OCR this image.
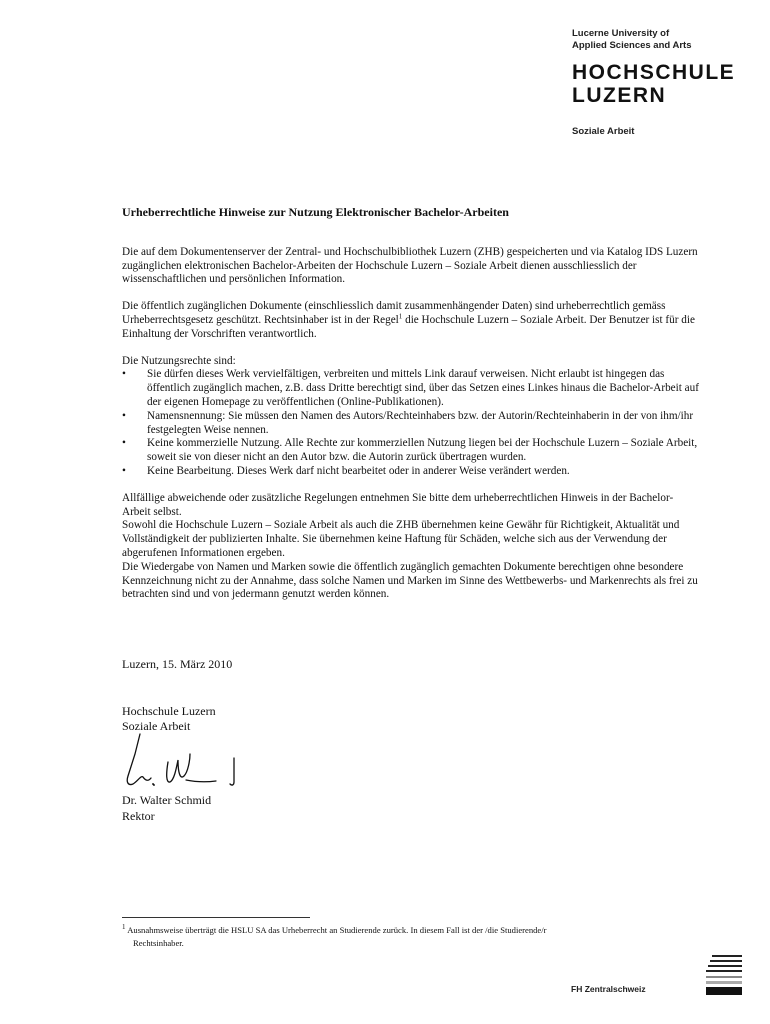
Lucerne University of
Applied Sciences and Arts
HOCHSCHULE
LUZERN
Soziale Arbeit
Urheberrechtliche Hinweise zur Nutzung Elektronischer Bachelor-Arbeiten

Die auf dem Dokumentenserver der Zentral- und Hochschulbibliothek Luzern (ZHB) gespeicherten und via Katalog IDS Luzern zugänglichen elektronischen Bachelor-Arbeiten der Hochschule Luzern – Soziale Arbeit dienen ausschliesslich der wissenschaftlichen und persönlichen Information.

Die öffentlich zugänglichen Dokumente (einschliesslich damit zusammenhängender Daten) sind urheberrechtlich gemäss Urheberrechtsgesetz geschützt. Rechtsinhaber ist in der Regel$^1$ die Hochschule Luzern – Soziale Arbeit. Der Benutzer ist für die Einhaltung der Vorschriften verantwortlich.

Die Nutzungsrechte sind:
• Sie dürfen dieses Werk vervielfältigen, verbreiten und mittels Link darauf verweisen. Nicht erlaubt ist hingegen das öffentlich zugänglich machen, z.B. dass Dritte berechtigt sind, über das Setzen eines Linkes hinaus die Bachelor-Arbeit auf der eigenen Homepage zu veröffentlichen (Online-Publikationen).
• Namensnennung: Sie müssen den Namen des Autors/Rechteinhabers bzw. der Autorin/Rechteinhaberin in der von ihm/ihr festgelegten Weise nennen.
• Keine kommerzielle Nutzung. Alle Rechte zur kommerziellen Nutzung liegen bei der Hochschule Luzern – Soziale Arbeit, soweit sie von dieser nicht an den Autor bzw. die Autorin zurück übertragen wurden.
• Keine Bearbeitung. Dieses Werk darf nicht bearbeitet oder in anderer Weise verändert werden.
Allfällige abweichende oder zusätzliche Regelungen entnehmen Sie bitte dem urheberrechtlichen Hinweis in der Bachelor-Arbeit selbst.
Sowohl die Hochschule Luzern – Soziale Arbeit als auch die ZHB übernehmen keine Gewähr für Richtigkeit, Aktualität und Vollständigkeit der publizierten Inhalte. Sie übernehmen keine Haftung für Schäden, welche sich aus der Verwendung der abgerufenen Informationen ergeben.
Die Wiedergabe von Namen und Marken sowie die öffentlich zugänglich gemachten Dokumente berechtigen ohne besondere Kennzeichnung nicht zu der Annahme, dass solche Namen und Marken im Sinne des Wettbewerbs- und Markenrechts als frei zu betrachten sind und von jedermann genutzt werden können.
Luzern, 15. März 2010
Hochschule Luzern
Soziale Arbeit
Dr. Walter Schmid
Rektor
$^1$ Ausnahmsweise überträgt die HSLU SA das Urheberrecht an Studierende zurück. In diesem Fall ist der /die Studierende/r
Rechtsinhaber.
FH Zentralschweiz
